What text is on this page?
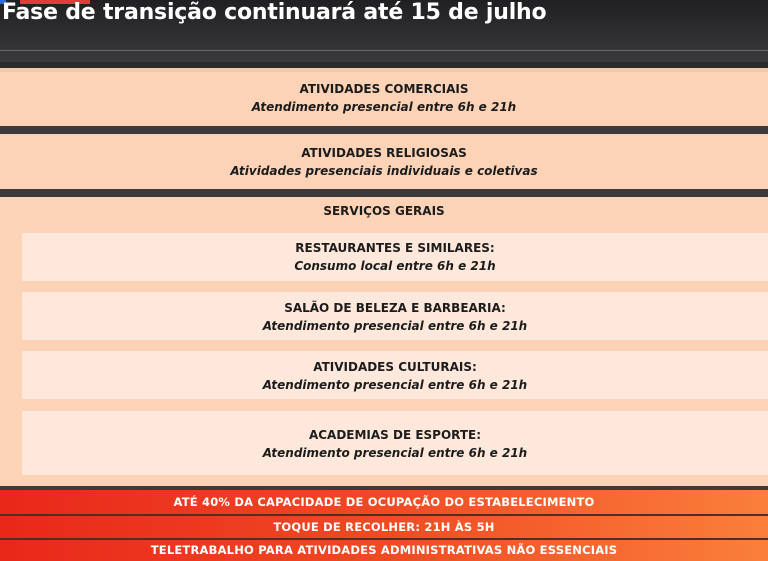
Fase de transição continuará até 15 de julho
ATIVIDADES COMERCIAIS
Atendimento presencial entre 6h e 21h
ATIVIDADES RELIGIOSAS
Atividades presenciais individuais e coletivas
SERVIÇOS GERAIS
RESTAURANTES E SIMILARES:
Consumo local entre 6h e 21h
SALÃO DE BELEZA E BARBEARIA:
Atendimento presencial entre 6h e 21h
ATIVIDADES CULTURAIS:
Atendimento presencial entre 6h e 21h
ACADEMIAS DE ESPORTE:
Atendimento presencial entre 6h e 21h
ATÉ 40% DA CAPACIDADE DE OCUPAÇÃO DO ESTABELECIMENTO
TOQUE DE RECOLHER: 21H ÀS 5H
TELETRABALHO PARA ATIVIDADES ADMINISTRATIVAS NÃO ESSENCIAIS
